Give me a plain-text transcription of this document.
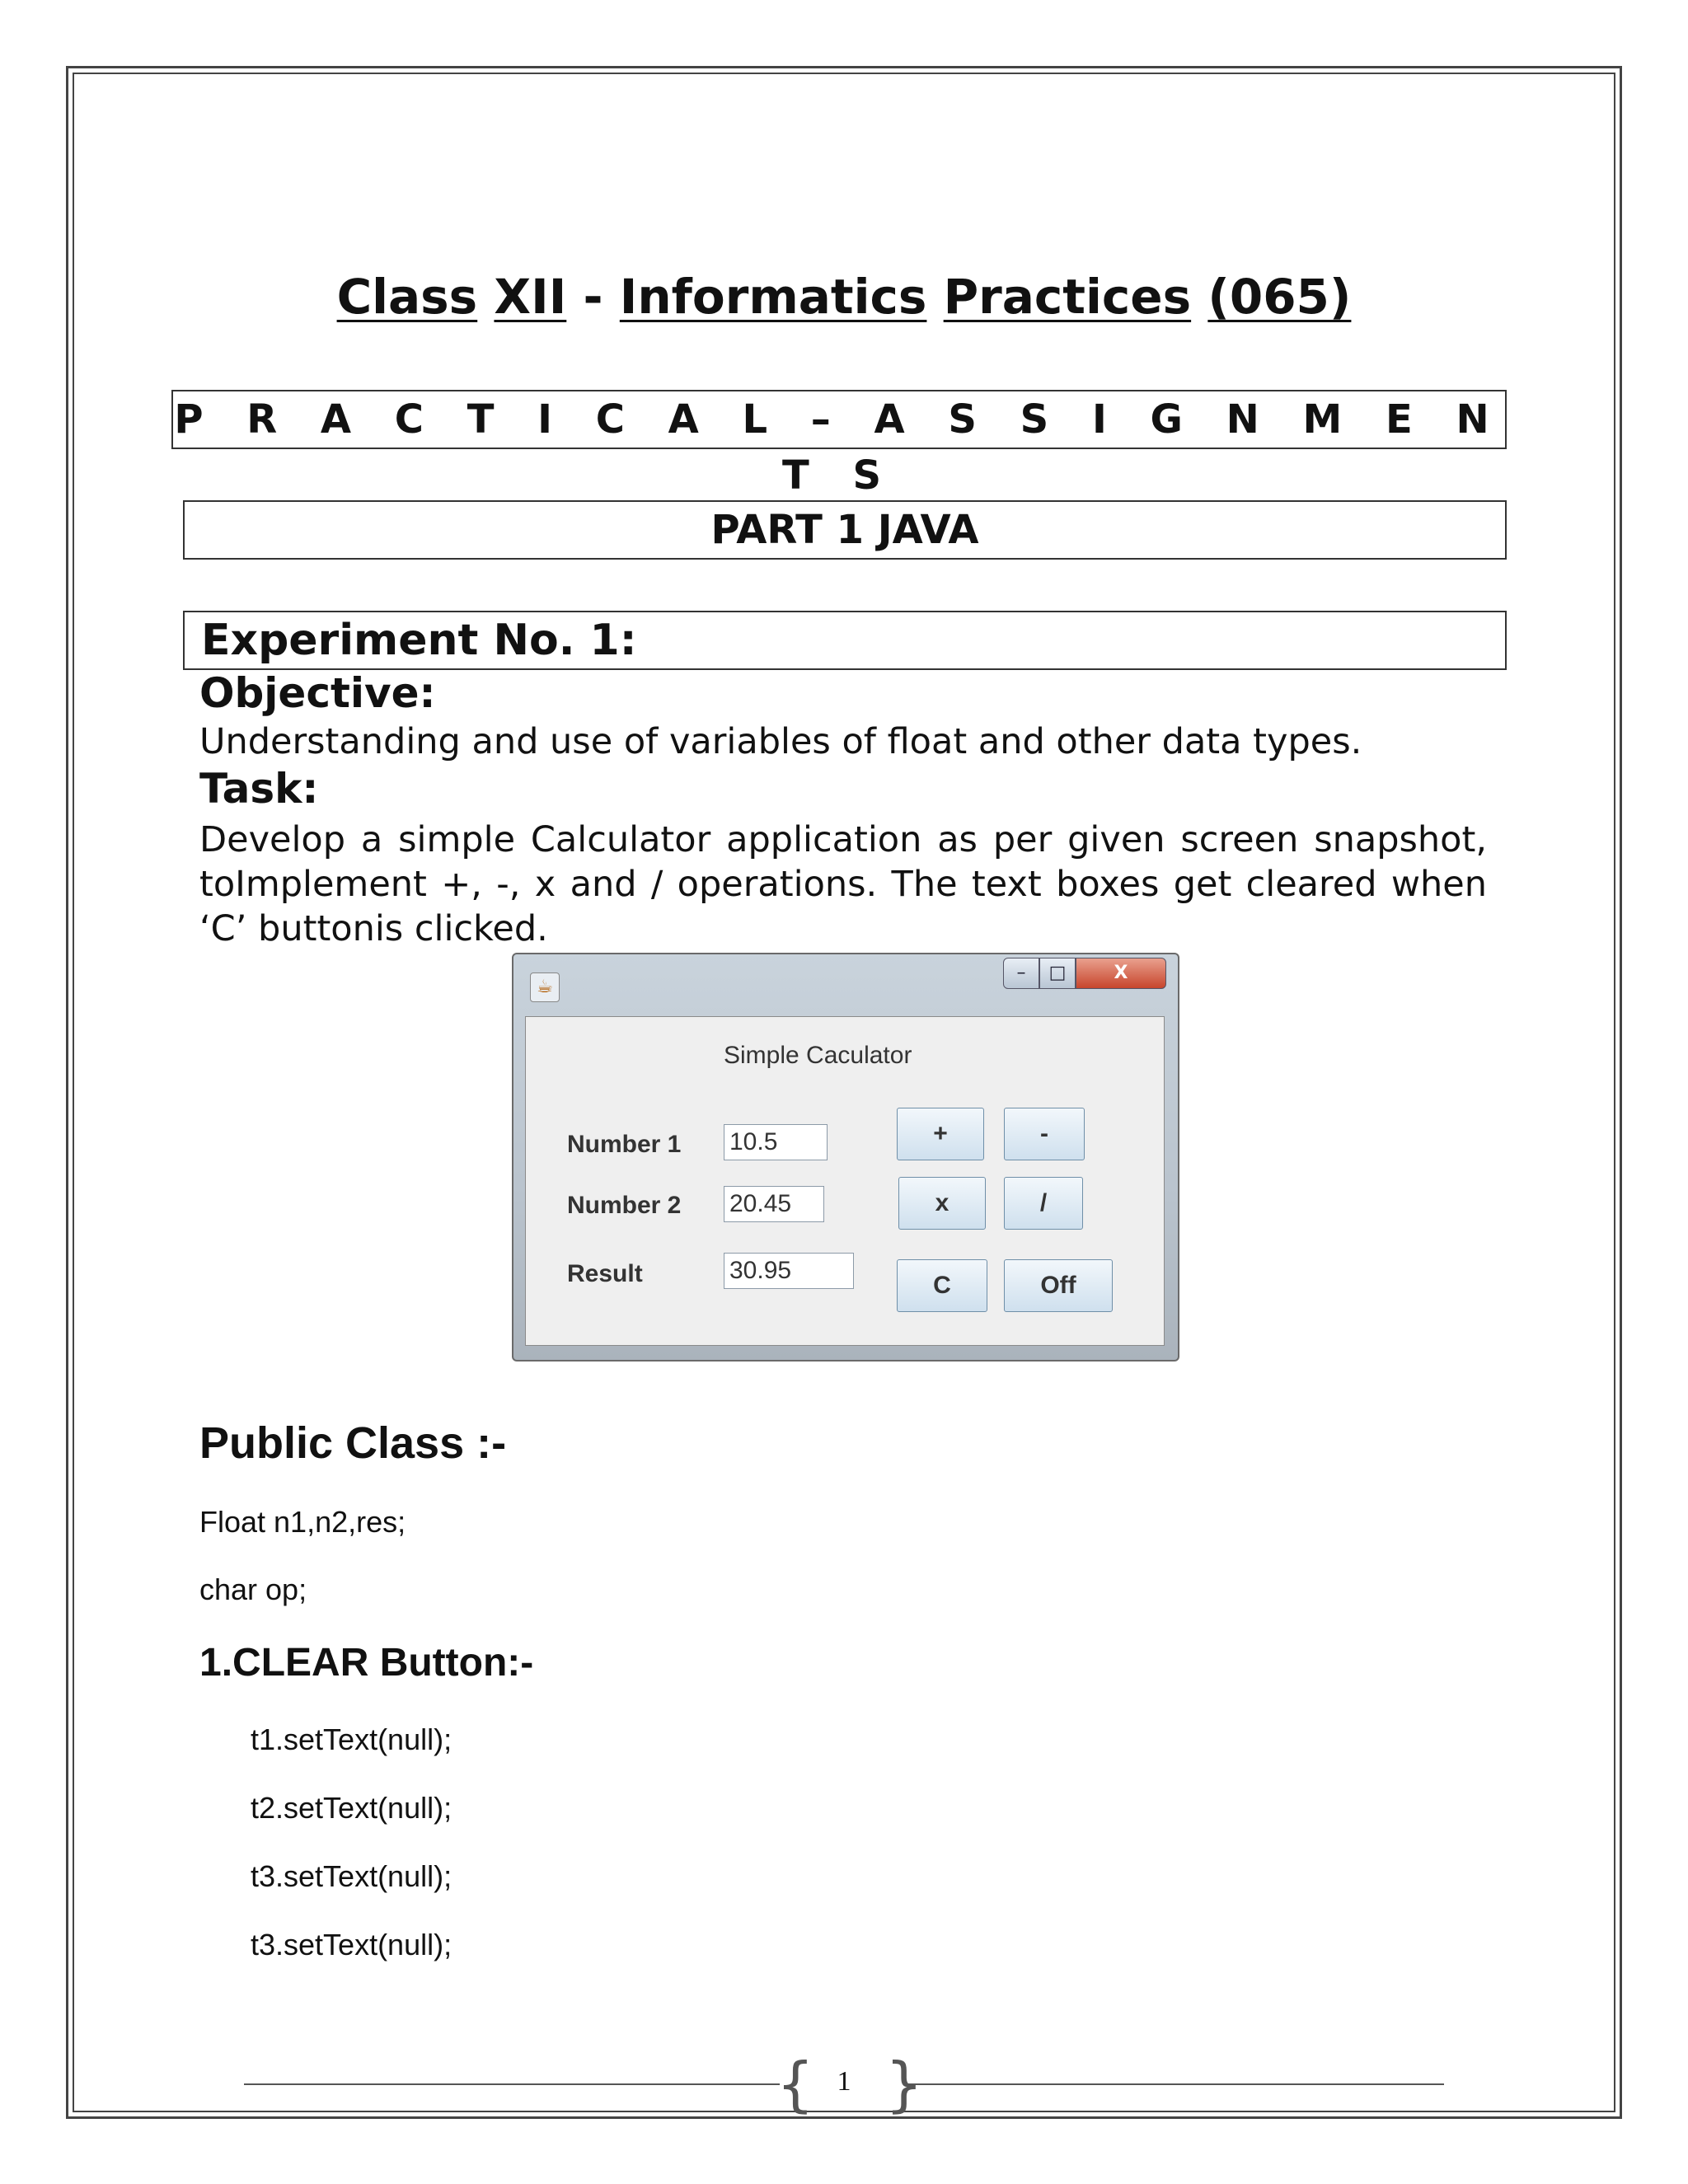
Class XII - Informatics Practices (065)
P R A C T I C A L – A S S I G N M E N T S
PART 1 JAVA
Experiment No. 1:
Objective:
Understanding and use of variables of float and other data types.
Task:
Develop a simple Calculator application as per given screen snapshot, toImplement +, -, x and / operations. The text boxes get cleared when ‘C’ buttonis clicked.
☕
–	□	X
Simple Caculator
Number 1
Number 2
Result
10.5
20.45
30.95
+	-
x	/
C	Off
Public Class :-
Float n1,n2,res;
char op;
1.CLEAR Button:-
t1.setText(null);
t2.setText(null);
t3.setText(null);
t3.setText(null);
{ }
1
